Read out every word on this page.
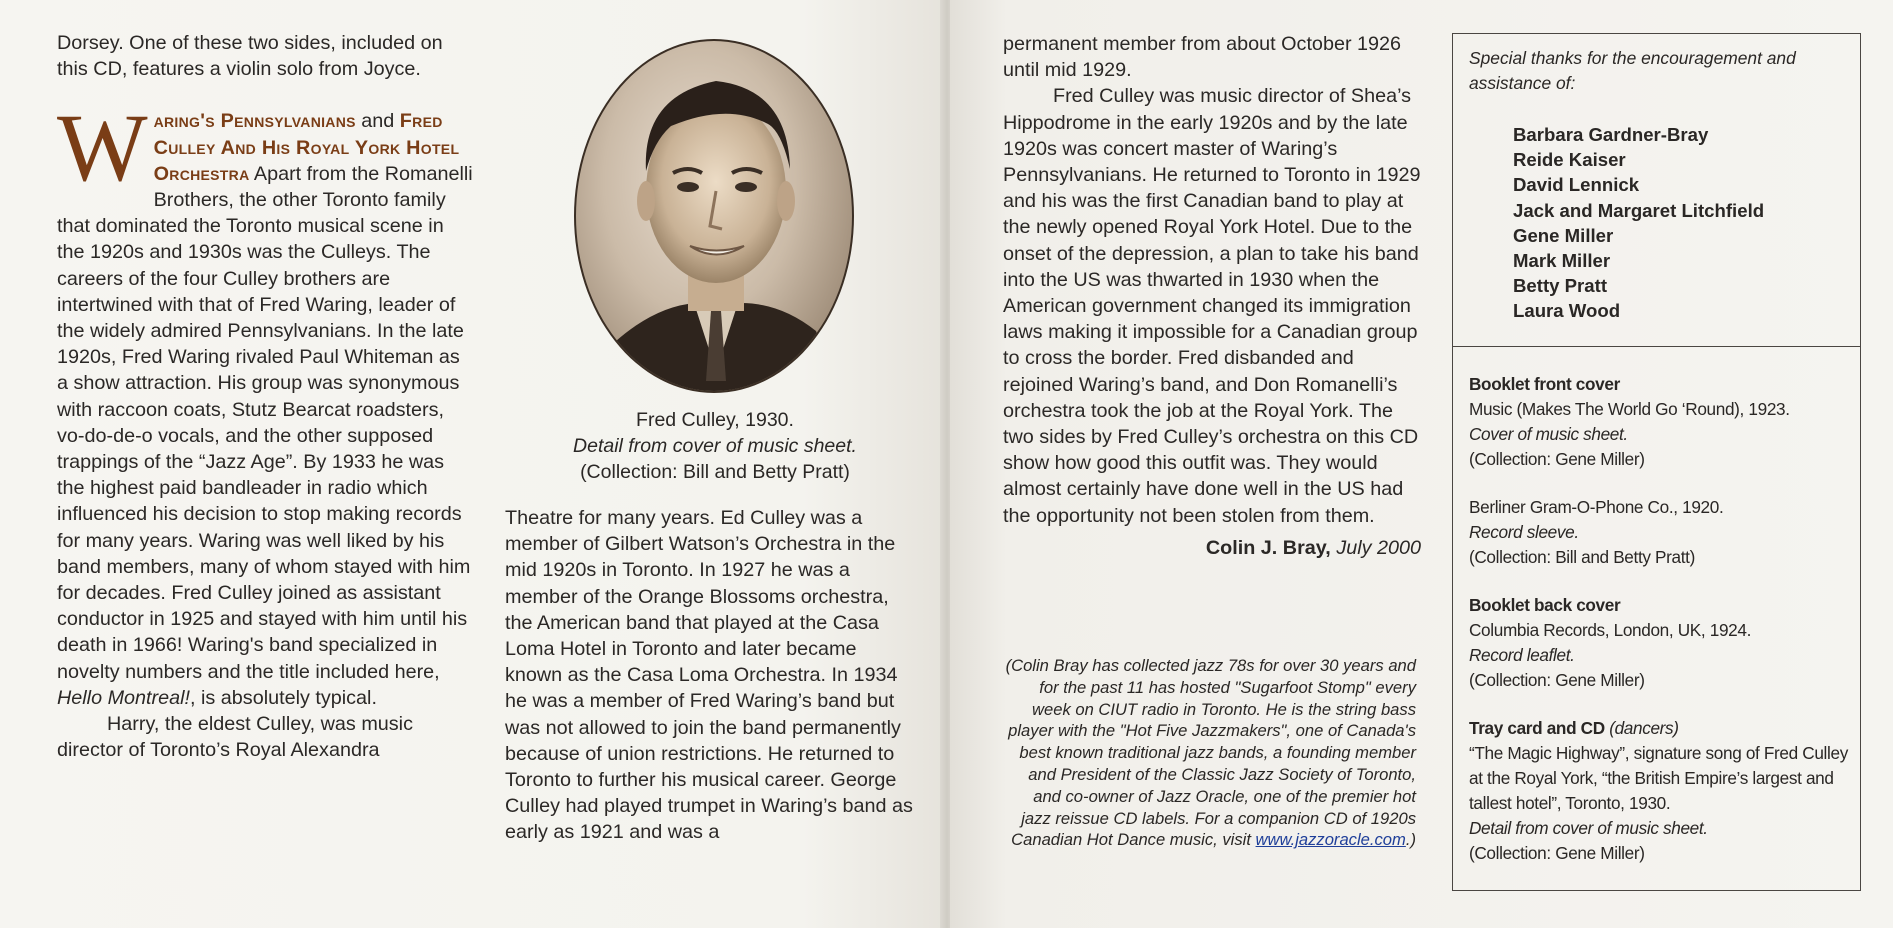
Dorsey. One of these two sides, included on this CD, features a violin solo from Joyce.

Waring's Pennsylvanians and Fred Culley And His Royal York Hotel Orchestra Apart from the Romanelli Brothers, the other Toronto family that dominated the Toronto musical scene in the 1920s and 1930s was the Culleys. The careers of the four Culley brothers are intertwined with that of Fred Waring, leader of the widely admired Pennsylvanians. In the late 1920s, Fred Waring rivaled Paul Whiteman as a show attraction. His group was synonymous with raccoon coats, Stutz Bearcat roadsters, vo-do-de-o vocals, and the other supposed trappings of the “Jazz Age”. By 1933 he was the highest paid bandleader in radio which influenced his decision to stop making records for many years. Waring was well liked by his band members, many of whom stayed with him for decades. Fred Culley joined as assistant conductor in 1925 and stayed with him until his death in 1966! Waring's band specialized in novelty numbers and the title included here, Hello Montreal!, is absolutely typical.

Harry, the eldest Culley, was music director of Toronto’s Royal Alexandra

Fred Culley, 1930.
Detail from cover of music sheet.
(Collection: Bill and Betty Pratt)

Theatre for many years. Ed Culley was a member of Gilbert Watson’s Orchestra in the mid 1920s in Toronto. In 1927 he was a member of the Orange Blossoms orchestra, the American band that played at the Casa Loma Hotel in Toronto and later became known as the Casa Loma Orchestra. In 1934 he was a member of Fred Waring’s band but was not allowed to join the band permanently because of union restrictions. He returned to Toronto to further his musical career. George Culley had played trumpet in Waring’s band as early as 1921 and was a

permanent member from about October 1926 until mid 1929.

Fred Culley was music director of Shea’s Hippodrome in the early 1920s and by the late 1920s was concert master of Waring’s Pennsylvanians. He returned to Toronto in 1929 and his was the first Canadian band to play at the newly opened Royal York Hotel. Due to the onset of the depression, a plan to take his band into the US was thwarted in 1930 when the American government changed its immigration laws making it impossible for a Canadian group to cross the border. Fred disbanded and rejoined Waring’s band, and Don Romanelli’s orchestra took the job at the Royal York. The two sides by Fred Culley’s orchestra on this CD show how good this outfit was. They would almost certainly have done well in the US had the opportunity not been stolen from them.

Colin J. Bray, July 2000

(Colin Bray has collected jazz 78s for over 30 years and for the past 11 has hosted "Sugarfoot Stomp" every week on CIUT radio in Toronto. He is the string bass player with the "Hot Five Jazzmakers", one of Canada's best known traditional jazz bands, a founding member and President of the Classic Jazz Society of Toronto, and co-owner of Jazz Oracle, one of the premier hot jazz reissue CD labels. For a companion CD of 1920s Canadian Hot Dance music, visit www.jazzoracle.com.)
Special thanks for the encouragement and assistance of:
Barbara Gardner-Bray
Reide Kaiser
David Lennick
Jack and Margaret Litchfield
Gene Miller
Mark Miller
Betty Pratt
Laura Wood
Booklet front cover
Music (Makes The World Go ‘Round), 1923.
Cover of music sheet.
(Collection: Gene Miller)
Berliner Gram-O-Phone Co., 1920.
Record sleeve.
(Collection: Bill and Betty Pratt)
Booklet back cover
Columbia Records, London, UK, 1924.
Record leaflet.
(Collection: Gene Miller)
Tray card and CD (dancers)
“The Magic Highway”, signature song of Fred Culley at the Royal York, “the British Empire’s largest and tallest hotel”, Toronto, 1930.
Detail from cover of music sheet.
(Collection: Gene Miller)
